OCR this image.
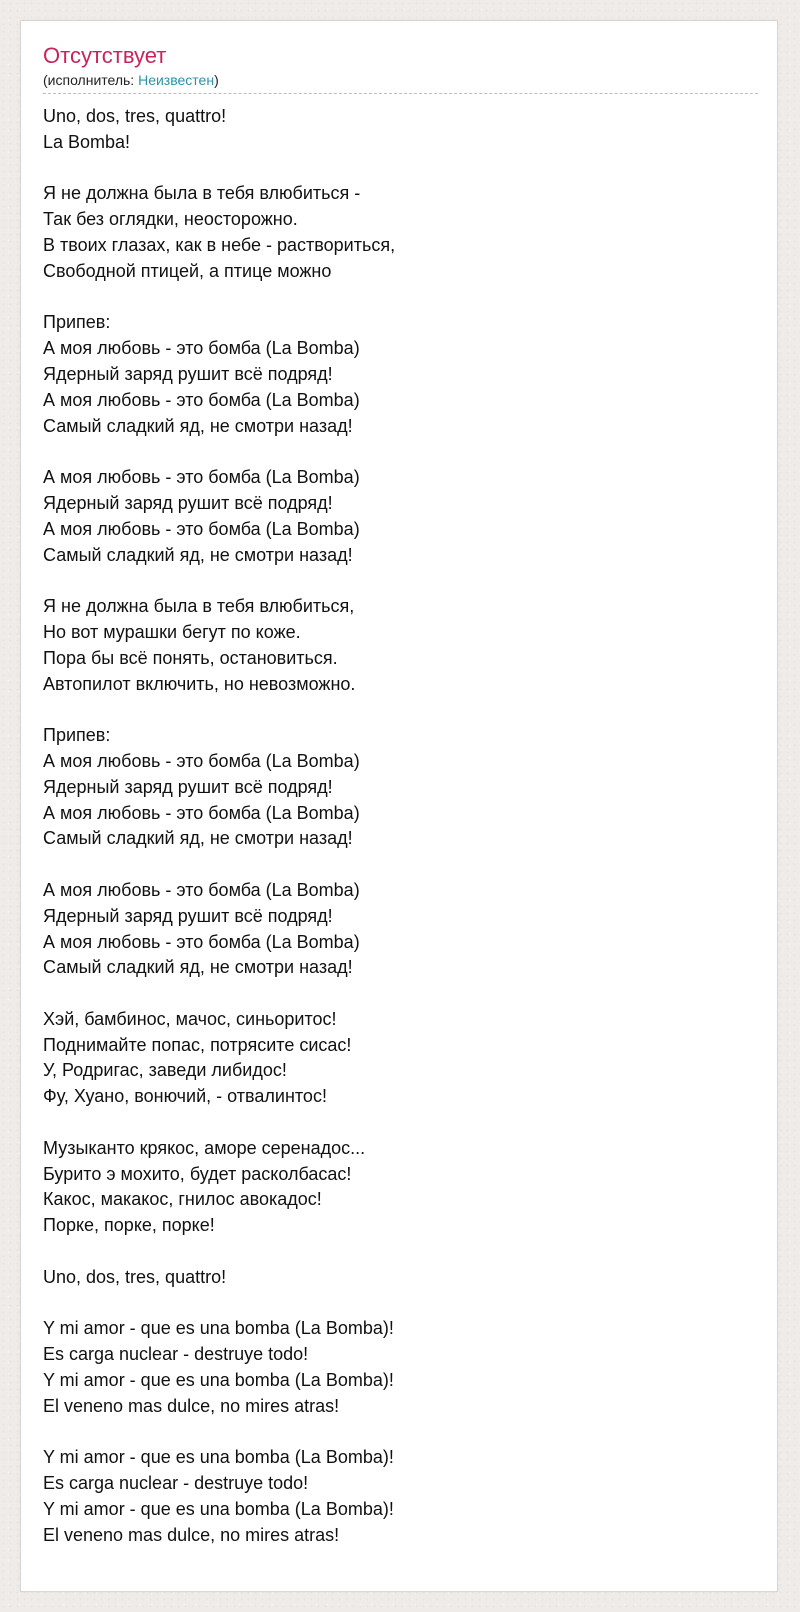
Отсутствует
(исполнитель: Неизвестен)
Uno, dos, tres, quattro!
La Bomba!
Я не должна была в тебя влюбиться -
Так без оглядки, неосторожно.
В твоих глазах, как в небе - раствориться,
Свободной птицей, а птице можно
Припев:
А моя любовь - это бомба (La Bomba)
Ядерный заряд рушит всё подряд!
А моя любовь - это бомба (La Bomba)
Самый сладкий яд, не смотри назад!
А моя любовь - это бомба (La Bomba)
Ядерный заряд рушит всё подряд!
А моя любовь - это бомба (La Bomba)
Самый сладкий яд, не смотри назад!
Я не должна была в тебя влюбиться,
Но вот мурашки бегут по коже.
Пора бы всё понять, остановиться.
Автопилот включить, но невозможно.
Припев:
А моя любовь - это бомба (La Bomba)
Ядерный заряд рушит всё подряд!
А моя любовь - это бомба (La Bomba)
Самый сладкий яд, не смотри назад!
А моя любовь - это бомба (La Bomba)
Ядерный заряд рушит всё подряд!
А моя любовь - это бомба (La Bomba)
Самый сладкий яд, не смотри назад!
Хэй, бамбинос, мачос, синьоритос!
Поднимайте попас, потрясите сисас!
У, Родригас, заведи либидос!
Фу, Хуано, вонючий, - отвалинтос!
Музыканто крякос, аморе серенадос...
Бурито э мохито, будет расколбасас!
Какос, макакос, гнилос авокадос!
Порке, порке, порке!
Uno, dos, tres, quattro!
Y mi amor - que es una bomba (La Bomba)!
Es carga nuclear - destruye todo!
Y mi amor - que es una bomba (La Bomba)!
El veneno mas dulce, no mires atras!
Y mi amor - que es una bomba (La Bomba)!
Es carga nuclear - destruye todo!
Y mi amor - que es una bomba (La Bomba)!
El veneno mas dulce, no mires atras!
